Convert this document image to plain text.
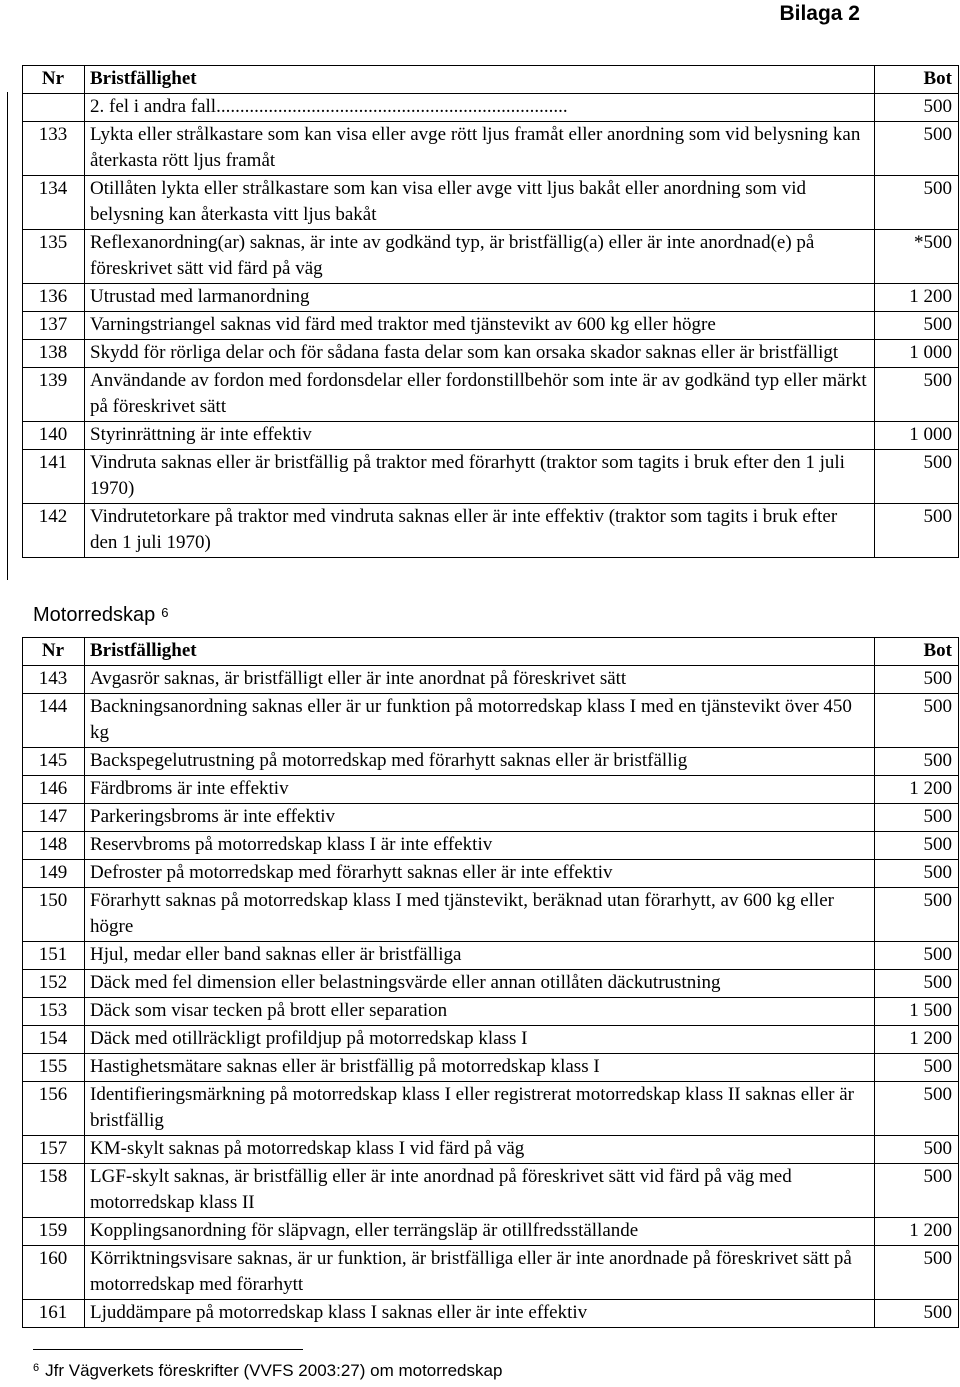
Bilaga 2
Nr	Bristfällighet	Bot
	2. fel i andra fall..........................................................................	500
133	Lykta eller strålkastare som kan visa eller avge rött ljus framåt eller anordning som vid belysning kan återkasta rött ljus framåt	500
134	Otillåten lykta eller strålkastare som kan visa eller avge vitt ljus bakåt eller anordning som vid belysning kan återkasta vitt ljus bakåt	500
135	Reflexanordning(ar) saknas, är inte av godkänd typ, är bristfällig(a) eller är inte anordnad(e) på föreskrivet sätt vid färd på väg	*500
136	Utrustad med larmanordning	1 200
137	Varningstriangel saknas vid färd med traktor med tjänstevikt av 600 kg eller högre	500
138	Skydd för rörliga delar och för sådana fasta delar som kan orsaka skador saknas eller är bristfälligt	1 000
139	Användande av fordon med fordonsdelar eller fordonstillbehör som inte är av godkänd typ eller märkt på föreskrivet sätt	500
140	Styrinrättning är inte effektiv	1 000
141	Vindruta saknas eller är bristfällig på traktor med förarhytt (traktor som tagits i bruk efter den 1 juli 1970)	500
142	Vindrutetorkare på traktor med vindruta saknas eller är inte effektiv (traktor som tagits i bruk efter den 1 juli 1970)	500
Motorredskap $^6$
Nr	Bristfällighet	Bot
143	Avgasrör saknas, är bristfälligt eller är inte anordnat på föreskrivet sätt	500
144	Backningsanordning saknas eller är ur funktion på motorredskap klass I med en tjänstevikt över 450 kg	500
145	Backspegelutrustning på motorredskap med förarhytt saknas eller är bristfällig	500
146	Färdbroms är inte effektiv	1 200
147	Parkeringsbroms är inte effektiv	500
148	Reservbroms på motorredskap klass I är inte effektiv	500
149	Defroster på motorredskap med förarhytt saknas eller är inte effektiv	500
150	Förarhytt saknas på motorredskap klass I med tjänstevikt, beräknad utan förarhytt, av 600 kg eller högre	500
151	Hjul, medar eller band saknas eller är bristfälliga	500
152	Däck med fel dimension eller belastningsvärde eller annan otillåten däckutrustning	500
153	Däck som visar tecken på brott eller separation	1 500
154	Däck med otillräckligt profildjup på motorredskap klass I	1 200
155	Hastighetsmätare saknas eller är bristfällig på motorredskap klass I	500
156	Identifieringsmärkning på motorredskap klass I eller registrerat motorredskap klass II saknas eller är bristfällig	500
157	KM-skylt saknas på motorredskap klass I vid färd på väg	500
158	LGF-skylt saknas, är bristfällig eller är inte anordnad på föreskrivet sätt vid färd på väg med motorredskap klass II	500
159	Kopplingsanordning för släpvagn, eller terrängsläp är otillfredsställande	1 200
160	Körriktningsvisare saknas, är ur funktion, är bristfälliga eller är inte anordnade på föreskrivet sätt på motorredskap med förarhytt	500
161	Ljuddämpare på motorredskap klass I saknas eller är inte effektiv	500
$^6$ Jfr Vägverkets föreskrifter (VVFS 2003:27) om motorredskap
